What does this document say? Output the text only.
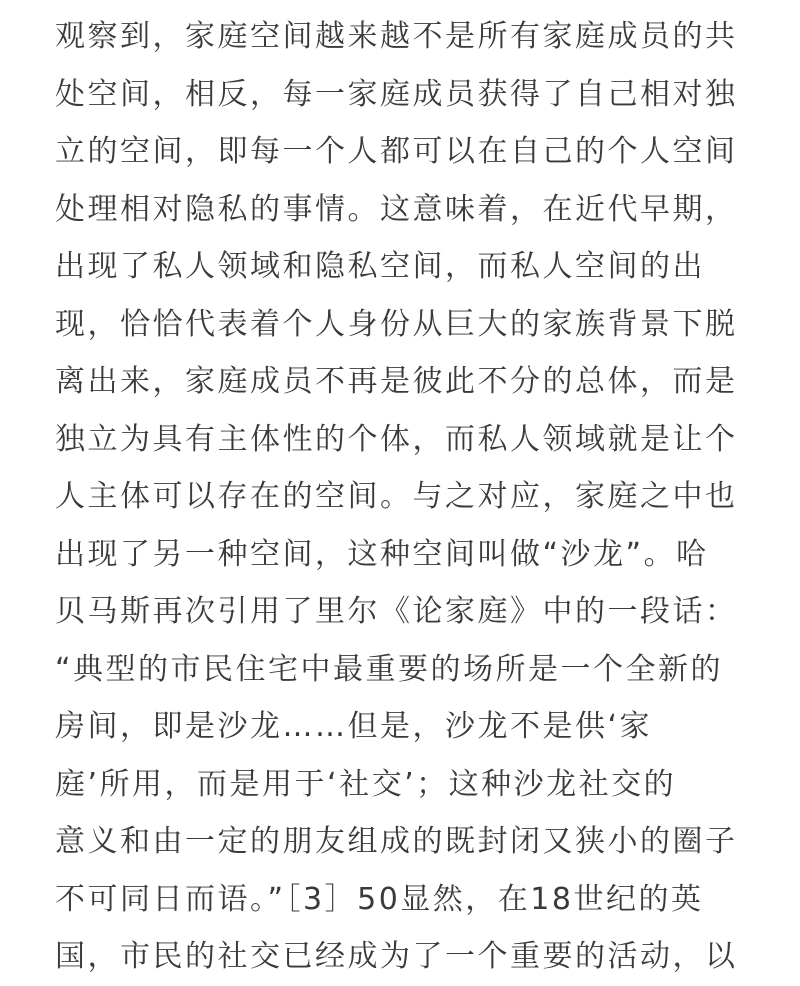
观察到，家庭空间越来越不是所有家庭成员的共
处空间，相反，每一家庭成员获得了自己相对独
立的空间，即每一个人都可以在自己的个人空间
处理相对隐私的事情。这意味着，在近代早期，
出现了私人领域和隐私空间，而私人空间的出
现，恰恰代表着个人身份从巨大的家族背景下脱
离出来，家庭成员不再是彼此不分的总体，而是
独立为具有主体性的个体，而私人领域就是让个
人主体可以存在的空间。与之对应，家庭之中也
出现了另一种空间，这种空间叫做“沙龙”。哈
贝马斯再次引用了里尔《论家庭》中的一段话：
“典型的市民住宅中最重要的场所是一个全新的
房间，即是沙龙……但是，沙龙不是供‘家
庭’所用，而是用于‘社交’；这种沙龙社交的
意义和由一定的朋友组成的既封闭又狭小的圈子
不可同日而语。”［3］50显然，在18世纪的英
国，市民的社交已经成为了一个重要的活动，以
